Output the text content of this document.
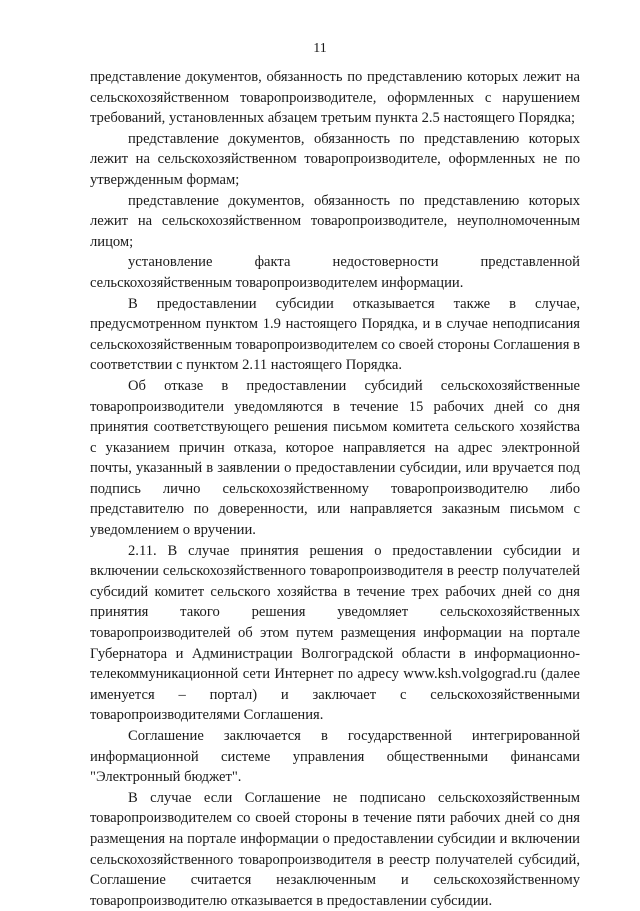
11

представление документов, обязанность по представлению которых лежит на сельскохозяйственном товаропроизводителе, оформленных с нарушением требований, установленных абзацем третьим пункта 2.5 настоящего Порядка;

представление документов, обязанность по представлению которых лежит на сельскохозяйственном товаропроизводителе, оформленных не по утвержденным формам;

представление документов, обязанность по представлению которых лежит на сельскохозяйственном товаропроизводителе, неуполномоченным лицом;

установление факта недостоверности представленной сельскохозяйственным товаропроизводителем информации.

В предоставлении субсидии отказывается также в случае, предусмотренном пунктом 1.9 настоящего Порядка, и в случае неподписания сельскохозяйственным товаропроизводителем со своей стороны Соглашения в соответствии с пунктом 2.11 настоящего Порядка.

Об отказе в предоставлении субсидий сельскохозяйственные товаропроизводители уведомляются в течение 15 рабочих дней со дня принятия соответствующего решения письмом комитета сельского хозяйства с указанием причин отказа, которое направляется на адрес электронной почты, указанный в заявлении о предоставлении субсидии, или вручается под подпись лично сельскохозяйственному товаропроизводителю либо представителю по доверенности, или направляется заказным письмом с уведомлением о вручении.

2.11. В случае принятия решения о предоставлении субсидии и включении сельскохозяйственного товаропроизводителя в реестр получателей субсидий комитет сельского хозяйства в течение трех рабочих дней со дня принятия такого решения уведомляет сельскохозяйственных товаропроизводителей об этом путем размещения информации на портале Губернатора и Администрации Волгоградской области в информационно-телекоммуникационной сети Интернет по адресу www.ksh.volgograd.ru (далее именуется – портал) и заключает с сельскохозяйственными товаропроизводителями Соглашения.

Соглашение заключается в государственной интегрированной информационной системе управления общественными финансами "Электронный бюджет".

В случае если Соглашение не подписано сельскохозяйственным товаропроизводителем со своей стороны в течение пяти рабочих дней со дня размещения на портале информации о предоставлении субсидии и включении сельскохозяйственного товаропроизводителя в реестр получателей субсидий, Соглашение считается незаключенным и сельскохозяйственному товаропроизводителю отказывается в предоставлении субсидии.
